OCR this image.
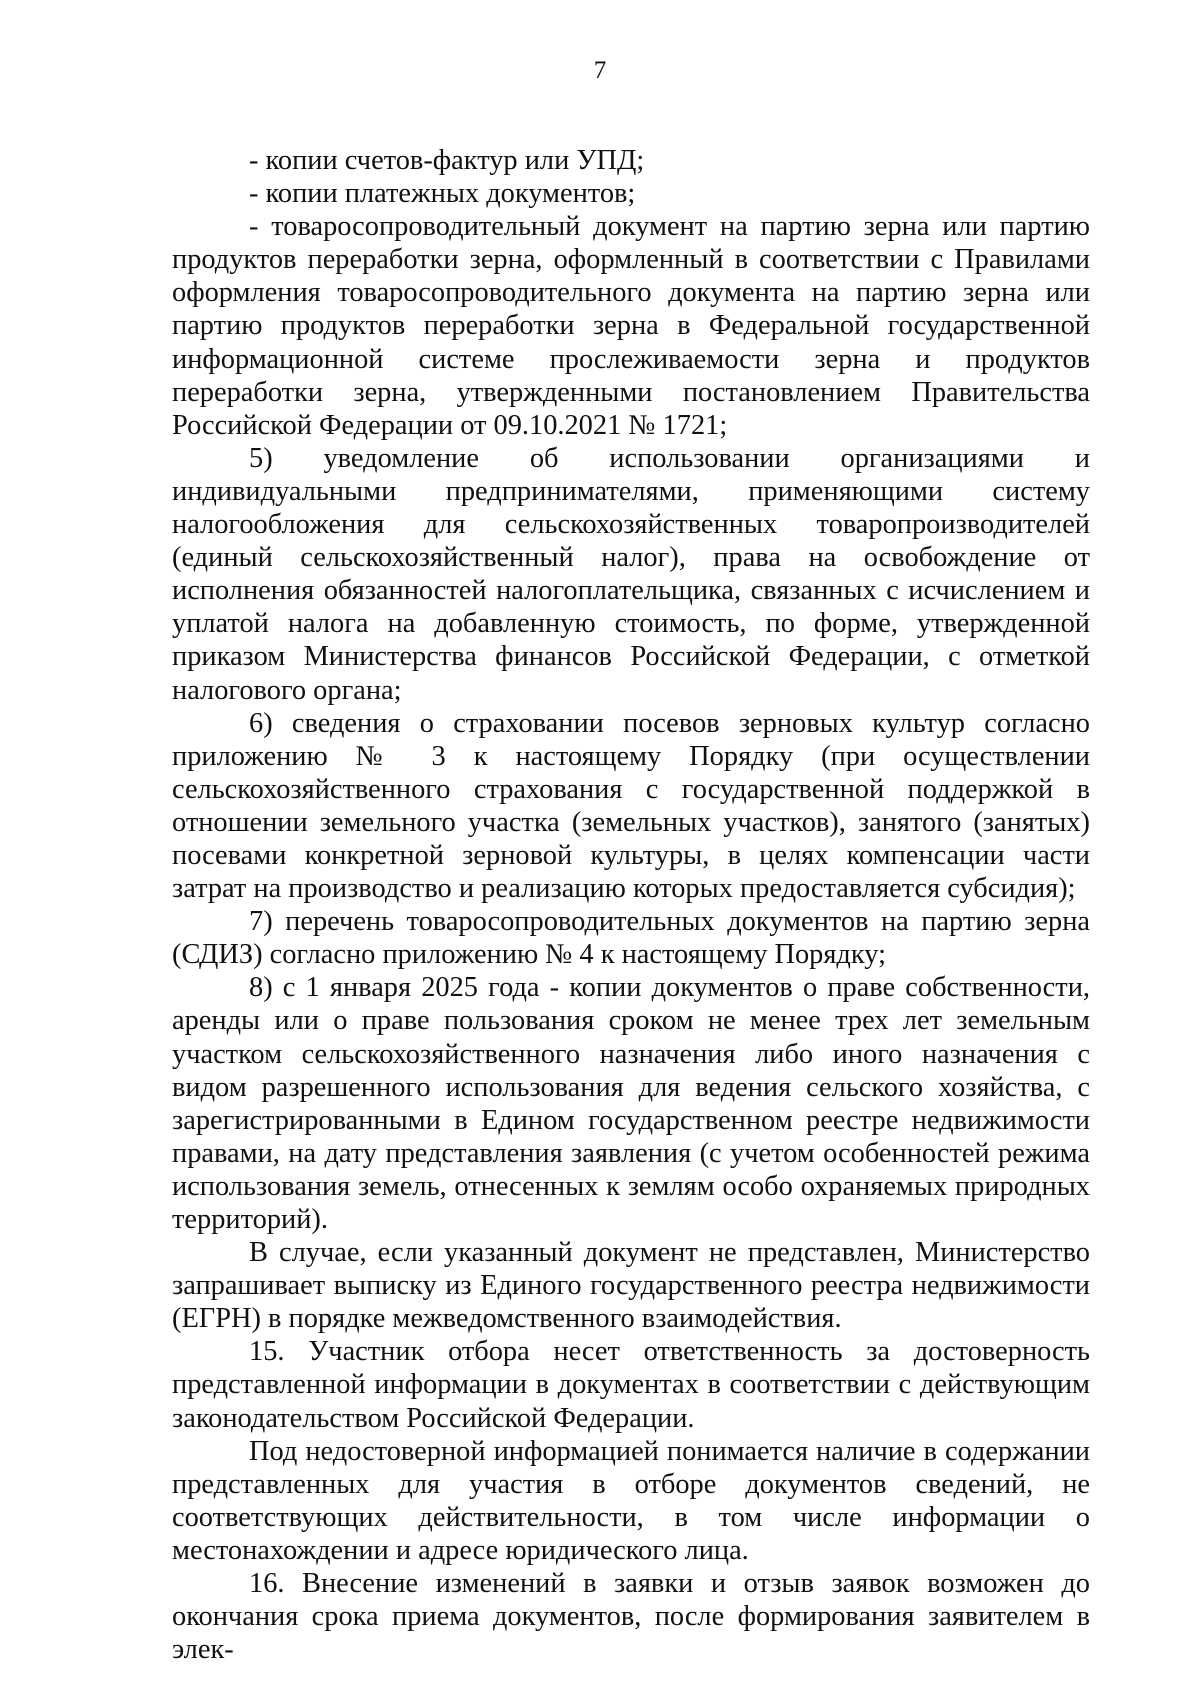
7

- копии счетов-фактур или УПД;

- копии платежных документов;

- товаросопроводительный документ на партию зерна или партию продуктов переработки зерна, оформленный в соответствии с Правилами оформления товаросопроводительного документа на партию зерна или партию продуктов переработки зерна в Федеральной государственной информационной системе прослеживаемости зерна и продуктов переработки зерна, утвержденными постановлением Правительства Российской Федерации от 09.10.2021 № 1721;

5) уведомление об использовании организациями и индивидуальными предпринимателями, применяющими систему налогообложения для сельскохозяйственных товаропроизводителей (единый сельскохозяйственный налог), права на освобождение от исполнения обязанностей налогоплательщика, связанных с исчислением и уплатой налога на добавленную стоимость, по форме, утвержденной приказом Министерства финансов Российской Федерации, с отметкой налогового органа;

6) сведения о страховании посевов зерновых культур согласно приложению № 3 к настоящему Порядку (при осуществлении сельскохозяйственного страхования с государственной поддержкой в отношении земельного участка (земельных участков), занятого (занятых) посевами конкретной зерновой культуры, в целях компенсации части затрат на производство и реализацию которых предоставляется субсидия);

7) перечень товаросопроводительных документов на партию зерна (СДИЗ) согласно приложению № 4 к настоящему Порядку;

8) с 1 января 2025 года - копии документов о праве собственности, аренды или о праве пользования сроком не менее трех лет земельным участком сельскохозяйственного назначения либо иного назначения с видом разрешенного использования для ведения сельского хозяйства, с зарегистрированными в Едином государственном реестре недвижимости правами, на дату представления заявления (с учетом особенностей режима использования земель, отнесенных к землям особо охраняемых природных территорий).

В случае, если указанный документ не представлен, Министерство запрашивает выписку из Единого государственного реестра недвижимости (ЕГРН) в порядке межведомственного взаимодействия.

15. Участник отбора несет ответственность за достоверность представленной информации в документах в соответствии с действующим законодательством Российской Федерации.

Под недостоверной информацией понимается наличие в содержании представленных для участия в отборе документов сведений, не соответствующих действительности, в том числе информации о местонахождении и адресе юридического лица.

16. Внесение изменений в заявки и отзыв заявок возможен до окончания срока приема документов, после формирования заявителем в элек-
